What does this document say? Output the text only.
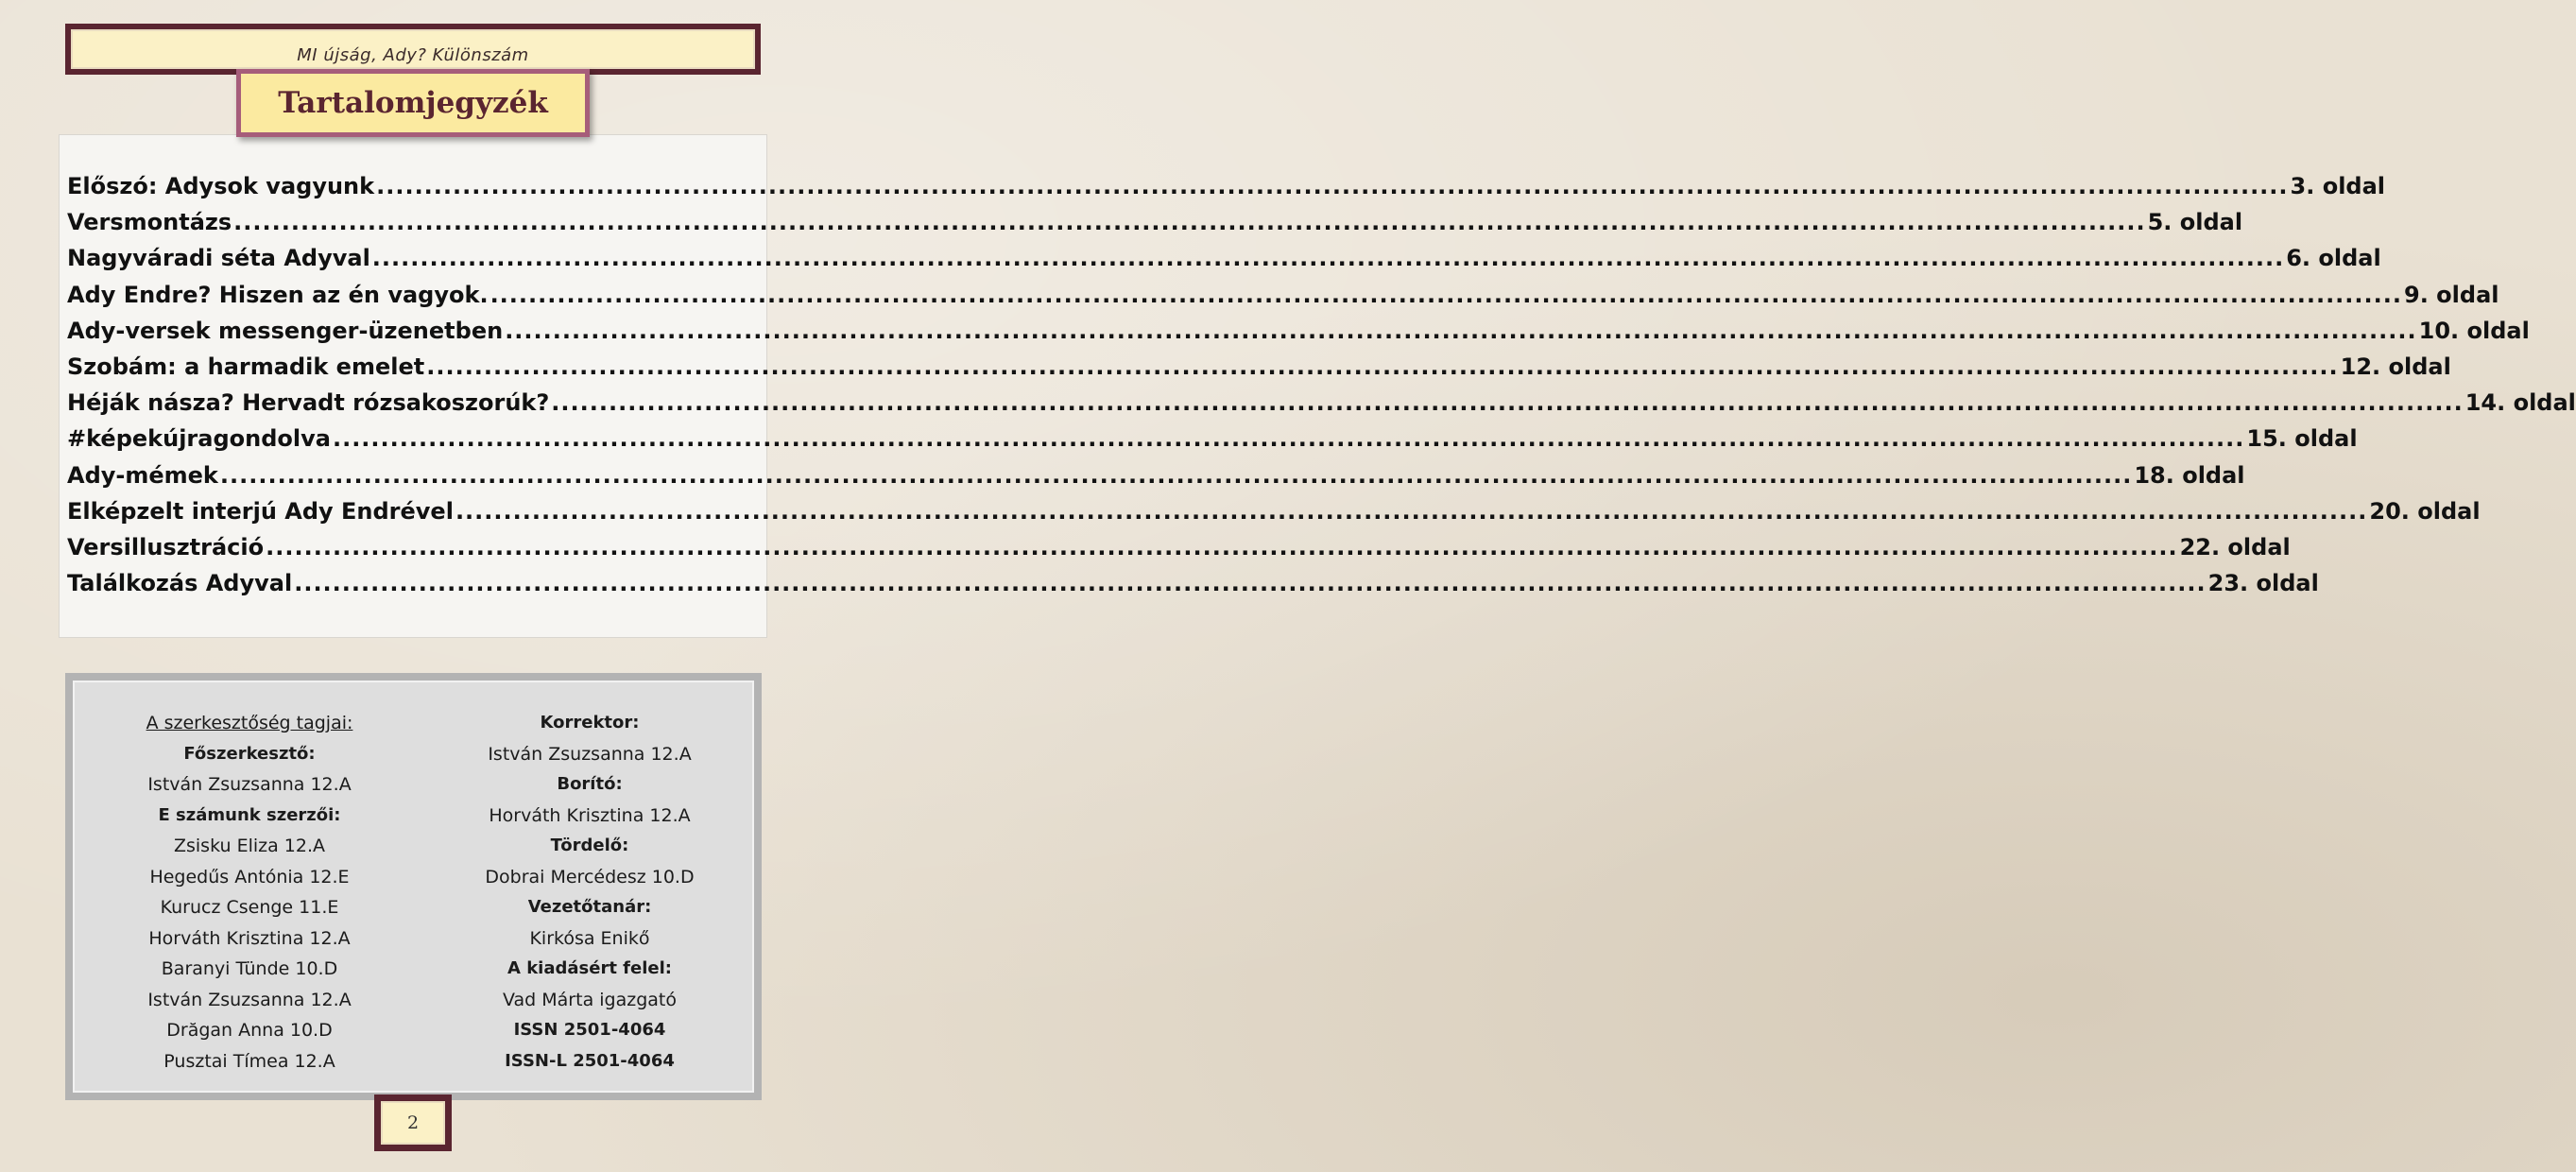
MI újság, Ady? Különszám
Előszó: Adysok vagyunk ........................................................................................................................................................................................................ 3. oldal
Versmontázs ........................................................................................................................................................................................................ 5. oldal
Nagyváradi séta Adyval ........................................................................................................................................................................................................ 6. oldal
Ady Endre? Hiszen az én vagyok. ........................................................................................................................................................................................................ 9. oldal
Ady-versek messenger-üzenetben ........................................................................................................................................................................................................ 10. oldal
Szobám: a harmadik emelet ........................................................................................................................................................................................................ 12. oldal
Héják násza? Hervadt rózsakoszorúk? ........................................................................................................................................................................................................ 14. oldal
#képekújragondolva ........................................................................................................................................................................................................ 15. oldal
Ady-mémek ........................................................................................................................................................................................................ 18. oldal
Elképzelt interjú Ady Endrével ........................................................................................................................................................................................................ 20. oldal
Versillusztráció ........................................................................................................................................................................................................ 22. oldal
Találkozás Adyval ........................................................................................................................................................................................................ 23. oldal
Tartalomjegyzék
A szerkesztőség tagjai:
Főszerkesztő:
István Zsuzsanna 12.A
E számunk szerzői:
Zsisku Eliza 12.A
Hegedűs Antónia 12.E
Kurucz Csenge 11.E
Horváth Krisztina 12.A
Baranyi Tünde 10.D
István Zsuzsanna 12.A
Drăgan Anna 10.D
Pusztai Tímea 12.A
Korrektor:
István Zsuzsanna 12.A
Borító:
Horváth Krisztina 12.A
Tördelő:
Dobrai Mercédesz 10.D
Vezetőtanár:
Kirkósa Enikő
A kiadásért felel:
Vad Márta igazgató
ISSN 2501-4064
ISSN-L 2501-4064
2
